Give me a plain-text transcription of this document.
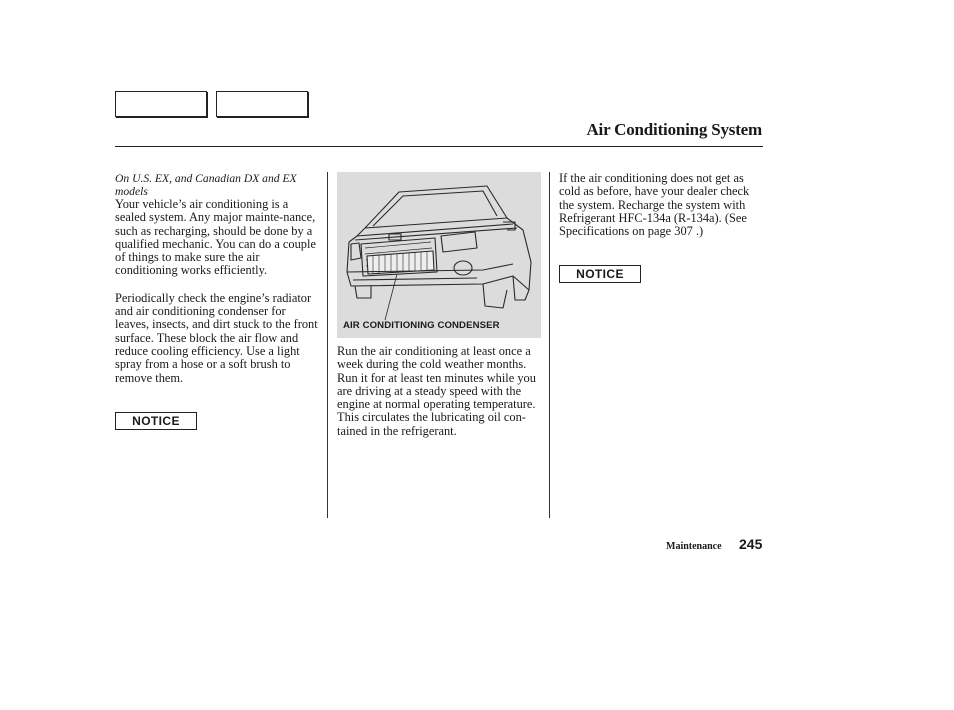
Air Conditioning System

On U.S. EX, and Canadian DX and EX models

Your vehicle’s air conditioning is a sealed system. Any major mainte-nance, such as recharging, should be done by a qualified mechanic. You can do a couple of things to make sure the air conditioning works efficiently.

Periodically check the engine’s radiator and air conditioning condenser for leaves, insects, and dirt stuck to the front surface. These block the air flow and reduce cooling efficiency. Use a light spray from a hose or a soft brush to remove them.

NOTICE
AIR CONDITIONING CONDENSER

Run the air conditioning at least once a week during the cold weather months. Run it for at least ten minutes while you are driving at a steady speed with the engine at normal operating temperature. This circulates the lubricating oil con-tained in the refrigerant.

If the air conditioning does not get as cold as before, have your dealer check the system. Recharge the system with Refrigerant HFC-134a (R-134a). (See Specifications on page 307 .)

NOTICE
Maintenance 245
